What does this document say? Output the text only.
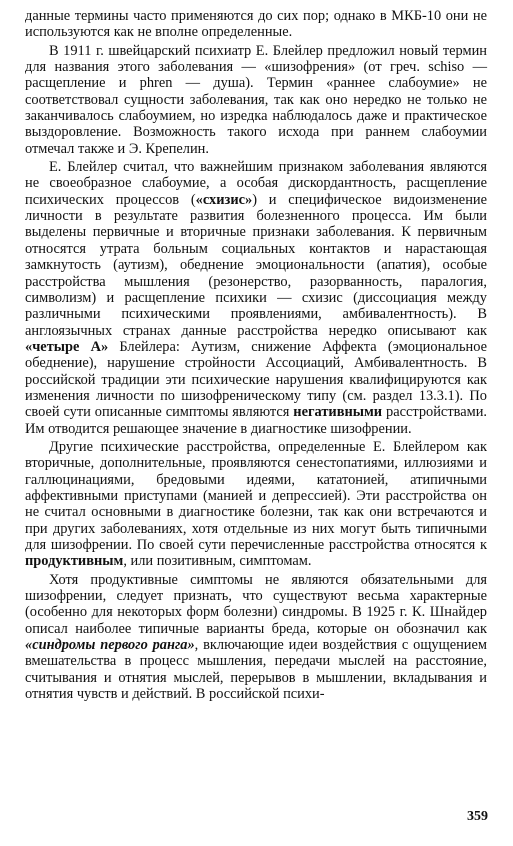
данные термины часто применяются до сих пор; однако в МКБ-10 они не используются как не вполне определенные.

В 1911 г. швейцарский психиатр Е. Блейлер предложил новый термин для названия этого заболевания — «шизофрения» (от греч. schiso — расщепление и phren — душа). Термин «раннее слабоумие» не соответствовал сущности заболевания, так как оно нередко не только не заканчивалось слабоумием, но изредка наблюдалось даже и практическое выздоровление. Возможность такого исхода при раннем слабоумии отмечал также и Э. Крепелин.

Е. Блейлер считал, что важнейшим признаком заболевания являются не своеобразное слабоумие, а особая дискордантность, расщепление психических процессов («схизис») и специфическое видоизменение личности в результате развития болезненного процесса. Им были выделены первичные и вторичные признаки заболевания. К первичным относятся утрата больным социальных контактов и нарастающая замкнутость (аутизм), обеднение эмоциональности (апатия), особые расстройства мышления (резонерство, разорванность, паралогия, символизм) и расщепление психики — схизис (диссоциация между различными психическими проявлениями, амбивалентность). В англоязычных странах данные расстройства нередко описывают как «четыре А» Блейлера: Аутизм, снижение Аффекта (эмоциональное обеднение), нарушение стройности Ассоциаций, Амбивалентность. В российской традиции эти психические нарушения квалифицируются как изменения личности по шизофреническому типу (см. раздел 13.3.1). По своей сути описанные симптомы являются негативными расстройствами. Им отводится решающее значение в диагностике шизофрении.

Другие психические расстройства, определенные Е. Блейлером как вторичные, дополнительные, проявляются сенестопатиями, иллюзиями и галлюцинациями, бредовыми идеями, кататонией, атипичными аффективными приступами (манией и депрессией). Эти расстройства он не считал основными в диагностике болезни, так как они встречаются и при других заболеваниях, хотя отдельные из них могут быть типичными для шизофрении. По своей сути перечисленные расстройства относятся к продуктивным, или позитивным, симптомам.

Хотя продуктивные симптомы не являются обязательными для шизофрении, следует признать, что существуют весьма характерные (особенно для некоторых форм болезни) синдромы. В 1925 г. К. Шнайдер описал наиболее типичные варианты бреда, которые он обозначил как «синдромы первого ранга», включающие идеи воздействия с ощущением вмешательства в процесс мышления, передачи мыслей на расстояние, считывания и отнятия мыслей, перерывов в мышлении, вкладывания и отнятия чувств и действий. В российской психи-

359
